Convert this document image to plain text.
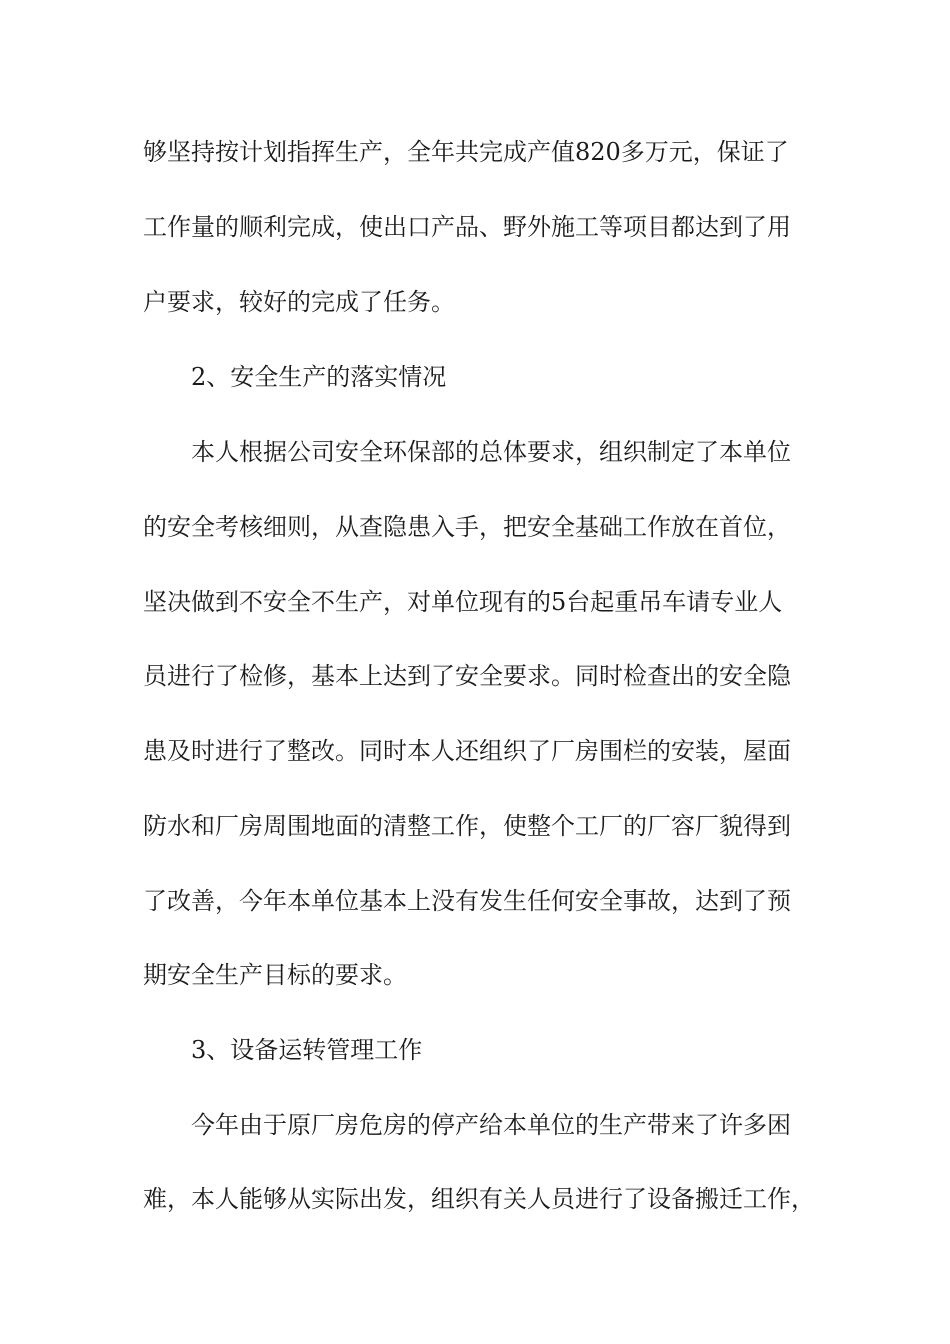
够坚持按计划指挥生产，全年共完成产值820多万元，保证了
工作量的顺利完成，使出口产品、野外施工等项目都达到了用
户要求，较好的完成了任务。
2、安全生产的落实情况
本人根据公司安全环保部的总体要求，组织制定了本单位
的安全考核细则，从查隐患入手，把安全基础工作放在首位，
坚决做到不安全不生产，对单位现有的5台起重吊车请专业人
员进行了检修，基本上达到了安全要求。同时检查出的安全隐
患及时进行了整改。同时本人还组织了厂房围栏的安装，屋面
防水和厂房周围地面的清整工作，使整个工厂的厂容厂貌得到
了改善，今年本单位基本上没有发生任何安全事故，达到了预
期安全生产目标的要求。
3、设备运转管理工作
今年由于原厂房危房的停产给本单位的生产带来了许多困
难，本人能够从实际出发，组织有关人员进行了设备搬迁工作，
